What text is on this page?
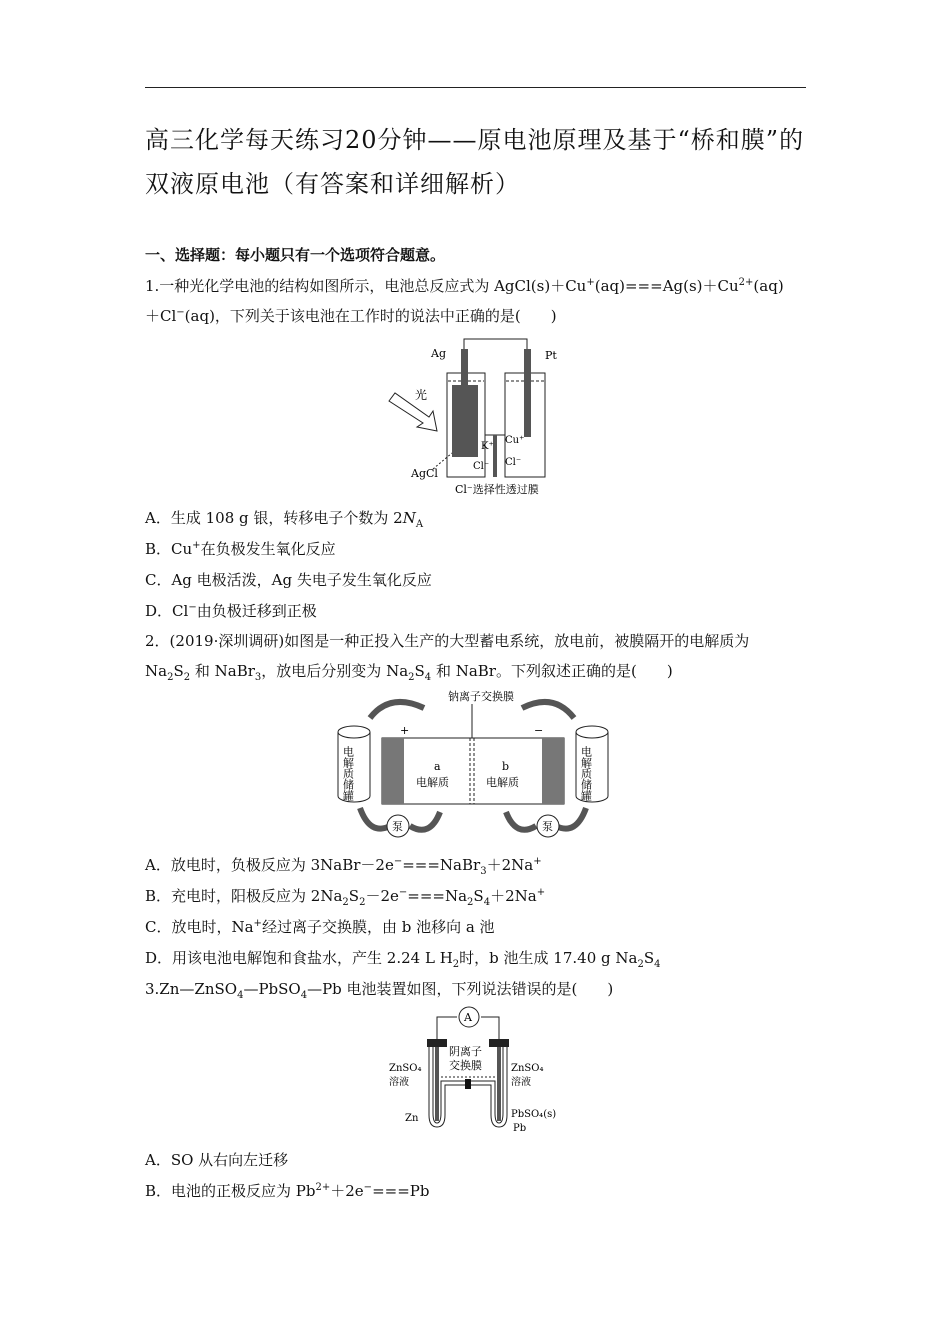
高三化学每天练习20分钟——原电池原理及基于“桥和膜”的双液原电池（有答案和详细解析）
一、选择题：每小题只有一个选项符合题意。
1.一种光化学电池的结构如图所示，电池总反应式为 $AgCl(s)+Cu^+(aq)===Ag(s)+Cu^{2+}(aq)$
＋Cl−(aq)，下列关于该电池在工作时的说法中正确的是(　　)
Ag	Pt
光
K⁺
Cu⁺
Cl⁻ Cl⁻
AgCl
Cl⁻选择性透过膜
A．生成 108 g 银，转移电子个数为 $2N_A$
B．Cu+在负极发生氧化反应
C．Ag 电极活泼，Ag 失电子发生氧化反应
D．Cl−由负极迁移到正极
2．(2019·深圳调研)如图是一种正投入生产的大型蓄电系统，放电前，被膜隔开的电解质为
$Na_2S_2$ 和 NaBr$_3$，放电后分别变为 $Na_2S_4$ 和 NaBr。下列叙述正确的是(　　)
钠离子交换膜
+	−
a
电解质
b
电解质
电解质储罐	电解质储罐
泵	泵
A．放电时，负极反应为 3NaBr－2e−===NaBr$_3$＋2Na+
B．充电时，阳极反应为 $2Na_2S_2-2e^-===Na_2S_4+2Na^+$
C．放电时，Na+经过离子交换膜，由 b 池移向 a 池
D．用该电池电解饱和食盐水，产生 2.24 L $H_2$时，b 池生成 17.40 g $Na_2S_4$
3.Zn—ZnSO$_4$—PbSO$_4$—Pb 电池装置如图，下列说法错误的是(　　)
A
阴离子
交换膜
ZnSO₄
溶液
ZnSO₄
溶液
Zn	PbSO₄(s)
Pb
A．SO 从右向左迁移
B．电池的正极反应为 $Pb^{2+}+2e^-===Pb$
